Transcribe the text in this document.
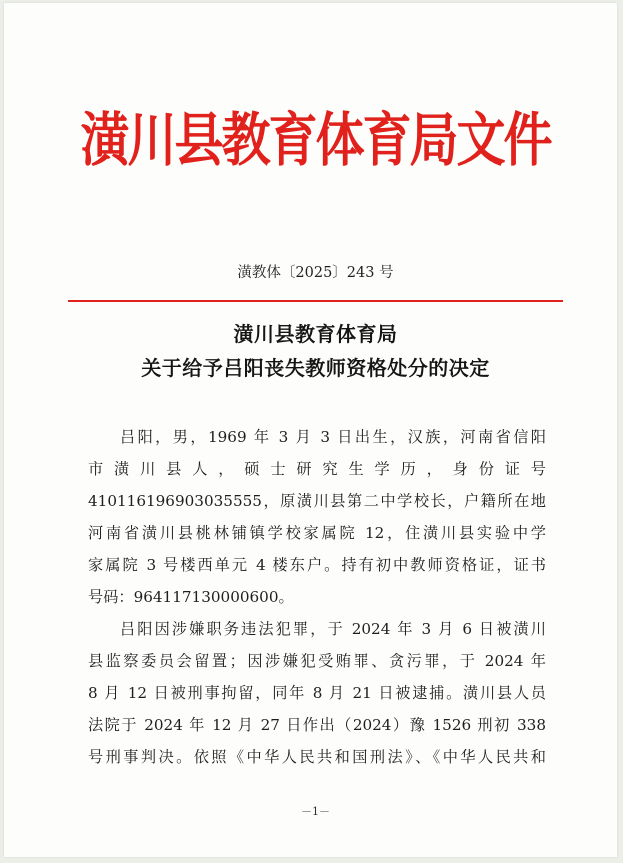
潢川县教育体育局文件
潢教体〔2025〕243 号
潢川县教育体育局
关于给予吕阳丧失教师资格处分的决定
吕阳，男，1969 年 3 月 3 日出生，汉族，河南省信阳
市 潢 川 县 人 ， 硕 士 研 究 生 学 历 ， 身 份 证 号
410116196903035555，原潢川县第二中学校长，户籍所在地
河南省潢川县桃林铺镇学校家属院 12，住潢川县实验中学
家属院 3 号楼西单元 4 楼东户。持有初中教师资格证，证书
号码：964117130000600。
吕阳因涉嫌职务违法犯罪，于 2024 年 3 月 6 日被潢川
县监察委员会留置；因涉嫌犯受贿罪、贪污罪，于 2024 年
8 月 12 日被刑事拘留，同年 8 月 21 日被逮捕。潢川县人员
法院于 2024 年 12 月 27 日作出（2024）豫 1526 刑初 338
号刑事判决。依照《中华人民共和国刑法》、《中华人民共和
－1－
